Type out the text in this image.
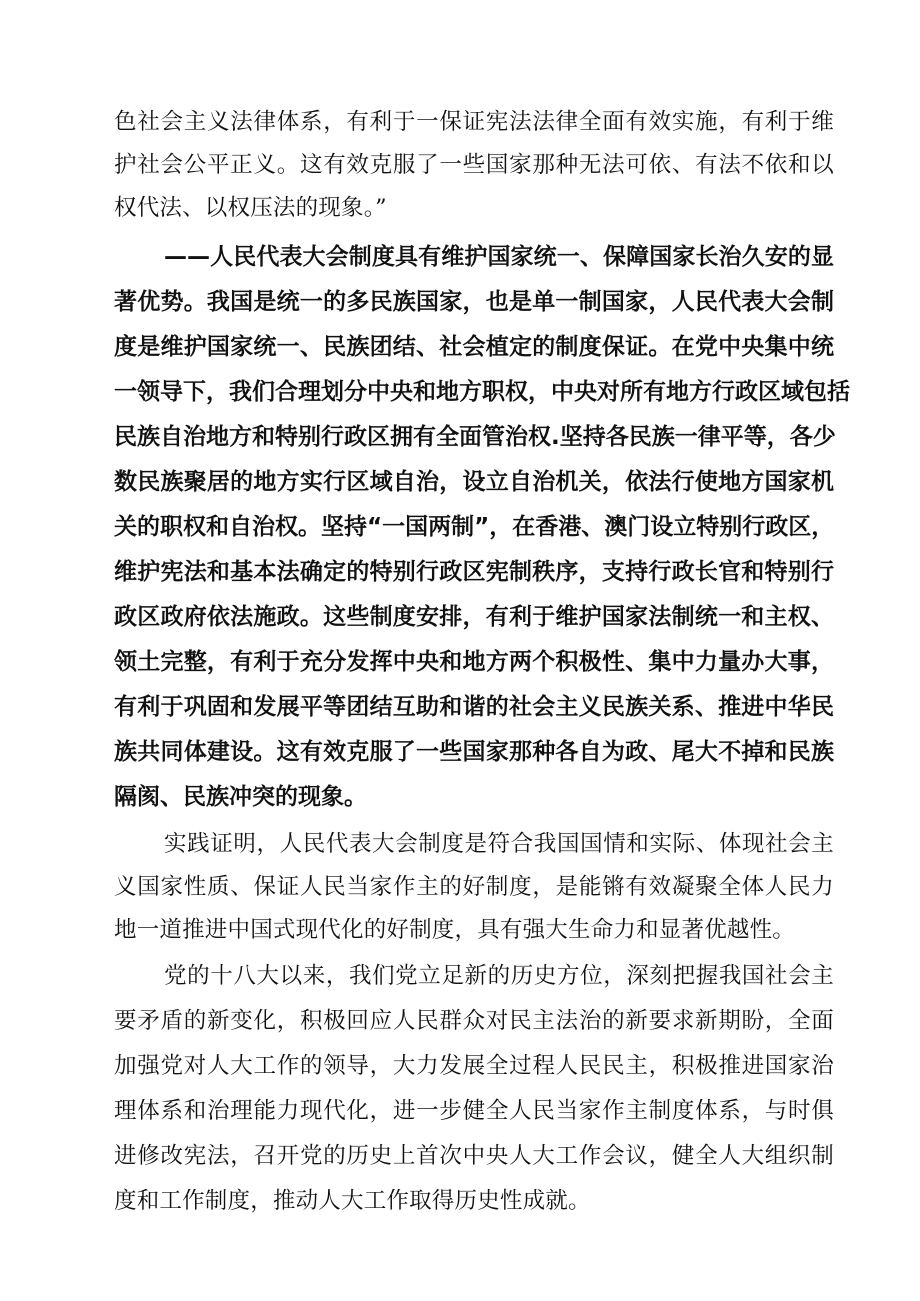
色社会主义法律体系，有利于一保证宪法法律全面有效实施，有利于维
护社会公平正义。这有效克服了一些国家那种无法可依、有法不依和以
权代法、以权压法的现象。”
——人民代表大会制度具有维护国家统一、保障国家长治久安的显
著优势。我国是统一的多民族国家，也是单一制国家，人民代表大会制
度是维护国家统一、民族团结、社会植定的制度保证。在党中央集中统
一领导下，我们合理划分中央和地方职权，中央对所有地方行政区域包括
民族自治地方和特别行政区拥有全面管治权.坚持各民族一律平等，各少
数民族聚居的地方实行区域自治，设立自治机关，依法行使地方国家机
关的职权和自治权。坚持“一国两制”，在香港、澳门设立特别行政区，
维护宪法和基本法确定的特别行政区宪制秩序，支持行政长官和特别行
政区政府依法施政。这些制度安排，有利于维护国家法制统一和主权、
领土完整，有利于充分发挥中央和地方两个积极性、集中力量办大事，
有利于巩固和发展平等团结互助和谐的社会主义民族关系、推进中华民
族共同体建设。这有效克服了一些国家那种各自为政、尾大不掉和民族
隔阂、民族冲突的现象。
实践证明，人民代表大会制度是符合我国国情和实际、体现社会主
义国家性质、保证人民当家作主的好制度，是能锵有效凝聚全体人民力
地一道推进中国式现代化的好制度，具有强大生命力和显著优越性。
党的十八大以来，我们党立足新的历史方位，深刻把握我国社会主
要矛盾的新变化，积极回应人民群众对民主法治的新要求新期盼，全面
加强党对人大工作的领导，大力发展全过程人民民主，积极推进国家治
理体系和治理能力现代化，进一步健全人民当家作主制度体系，与时俱
进修改宪法，召开党的历史上首次中央人大工作会议，健全人大组织制
度和工作制度，推动人大工作取得历史性成就。
